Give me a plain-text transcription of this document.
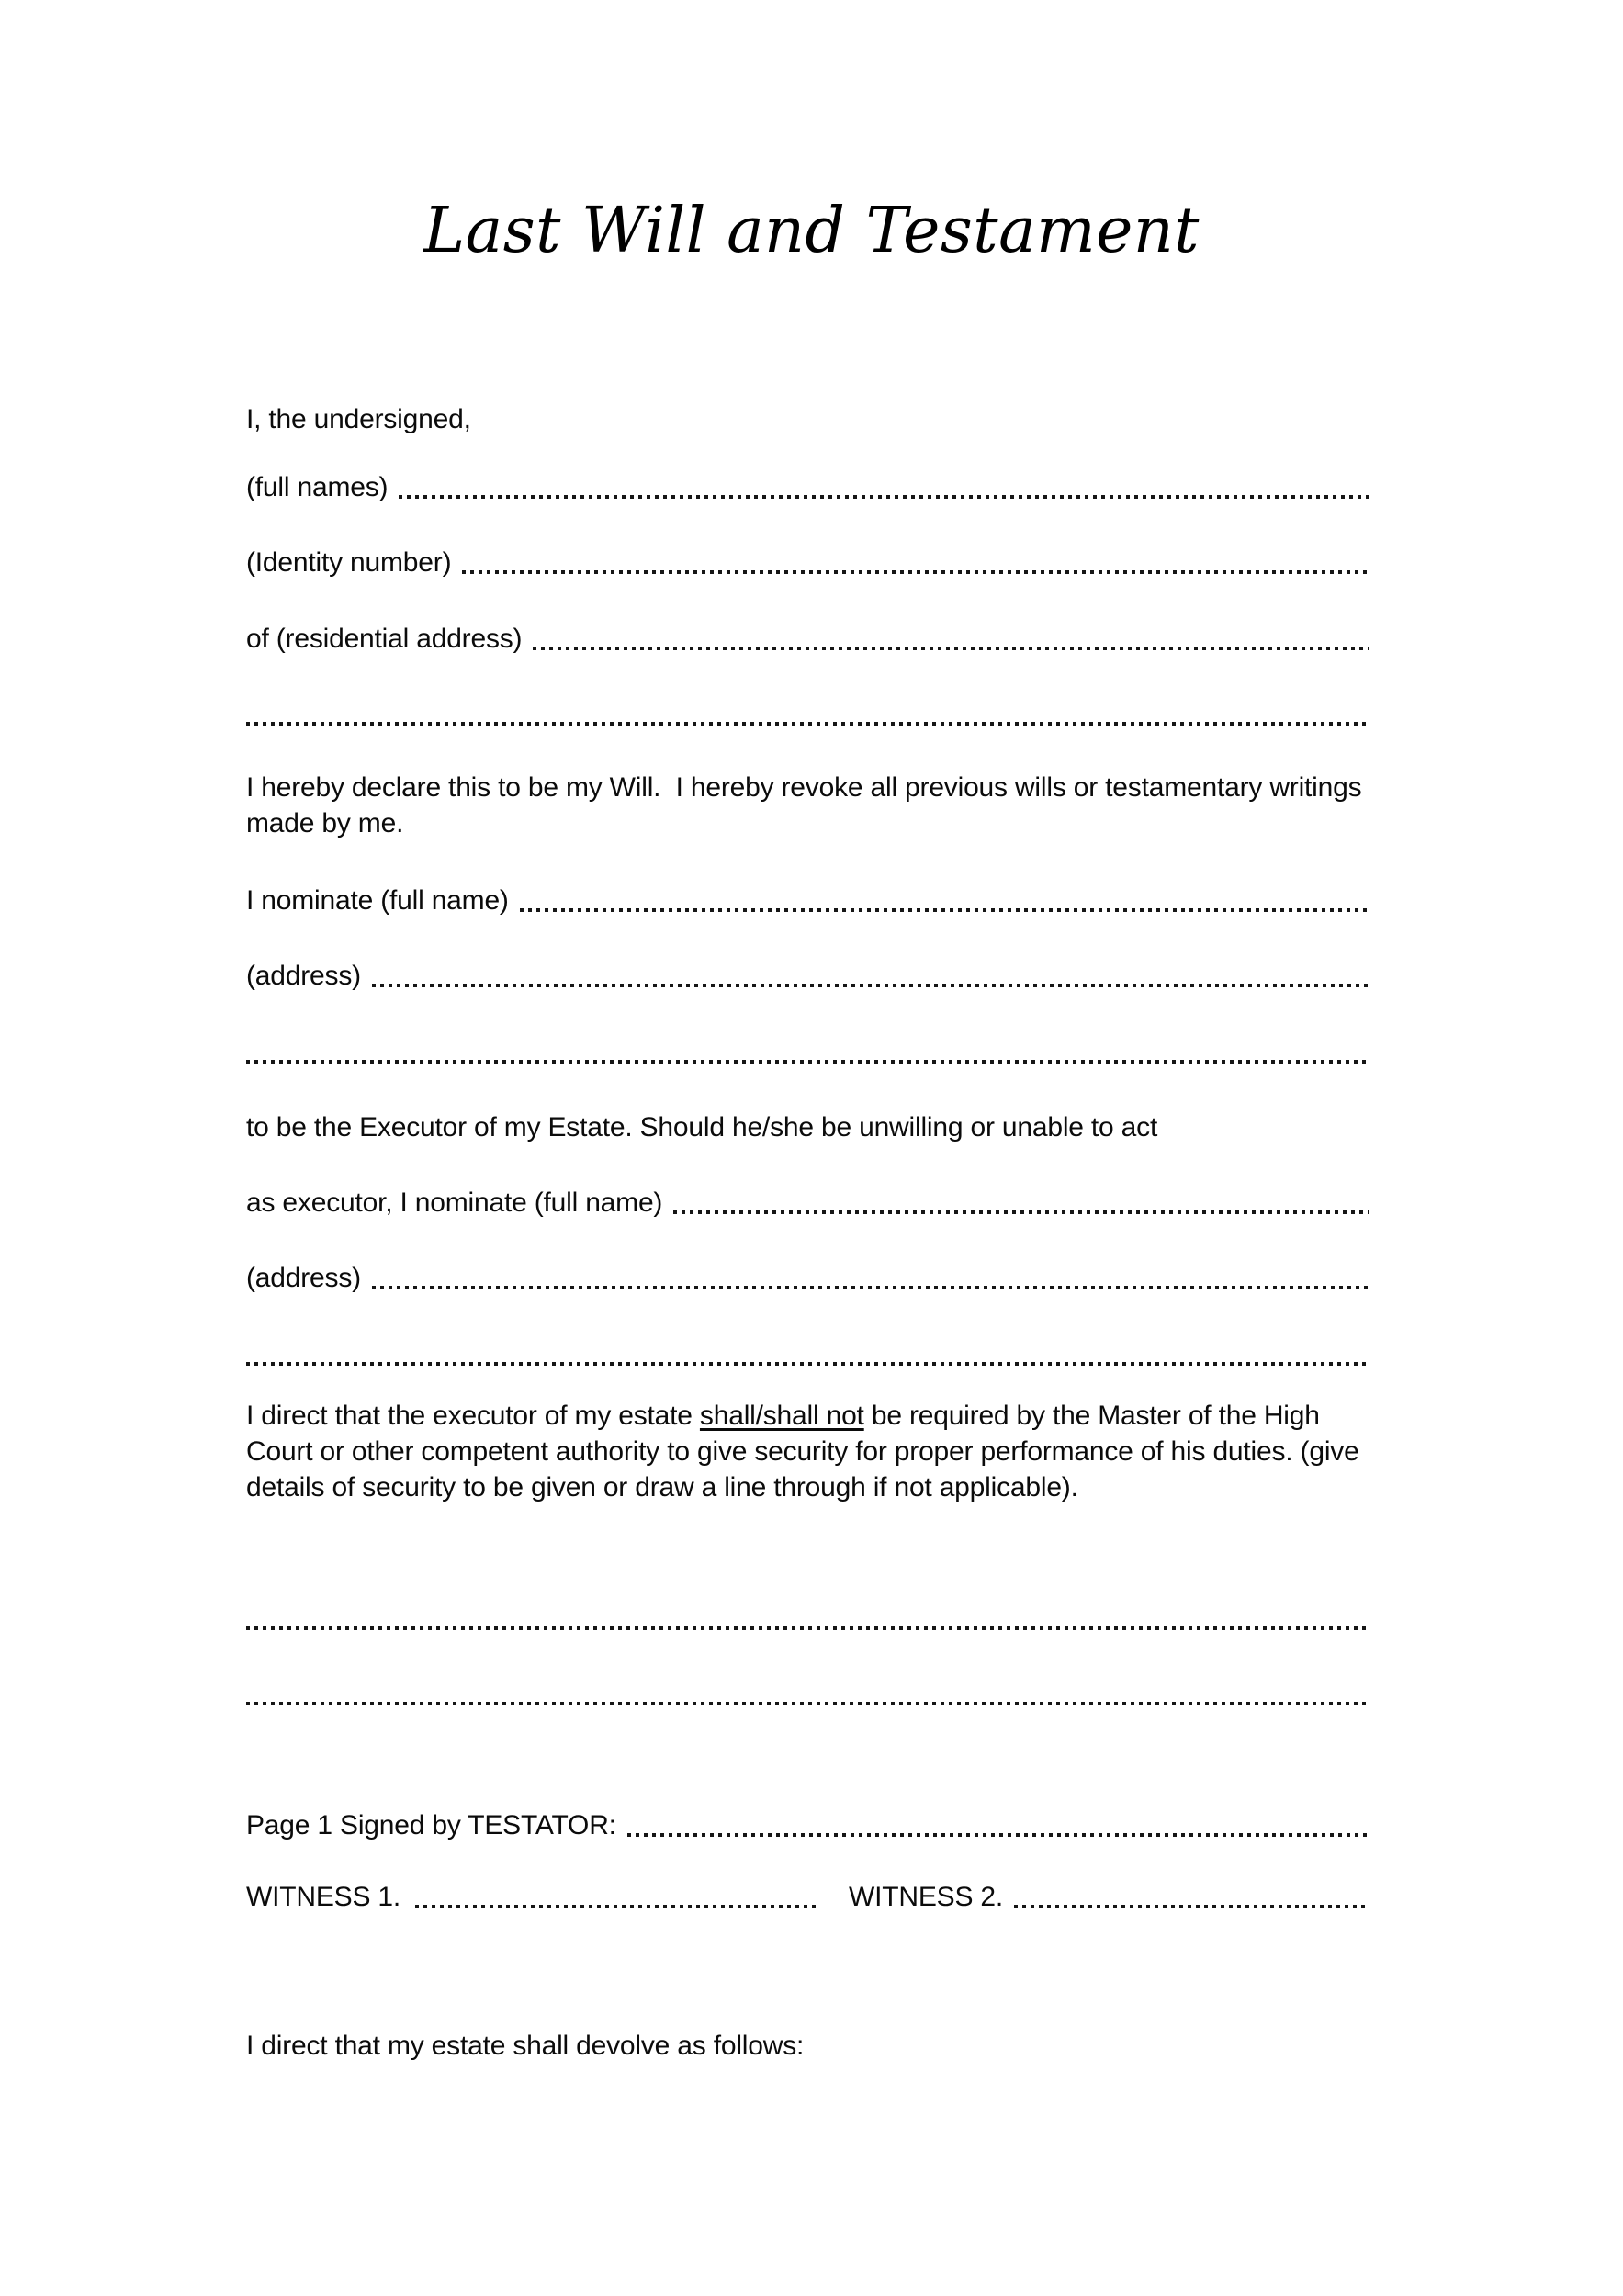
Last Will and Testament
I, the undersigned,
(full names)
(Identity number)
of (residential address)
I hereby declare this to be my Will.  I hereby revoke all previous wills or testamentary writings made by me.
I nominate (full name)
(address)
to be the Executor of my Estate. Should he/she be unwilling or unable to act
as executor, I nominate (full name)
(address)
I direct that the executor of my estate shall/shall not be required by the Master of the High Court or other competent authority to give security for proper performance of his duties. (give details of security to be given or draw a line through if not applicable).
Page 1 Signed by TESTATOR:
WITNESS 1.	WITNESS 2.
I direct that my estate shall devolve as follows:
